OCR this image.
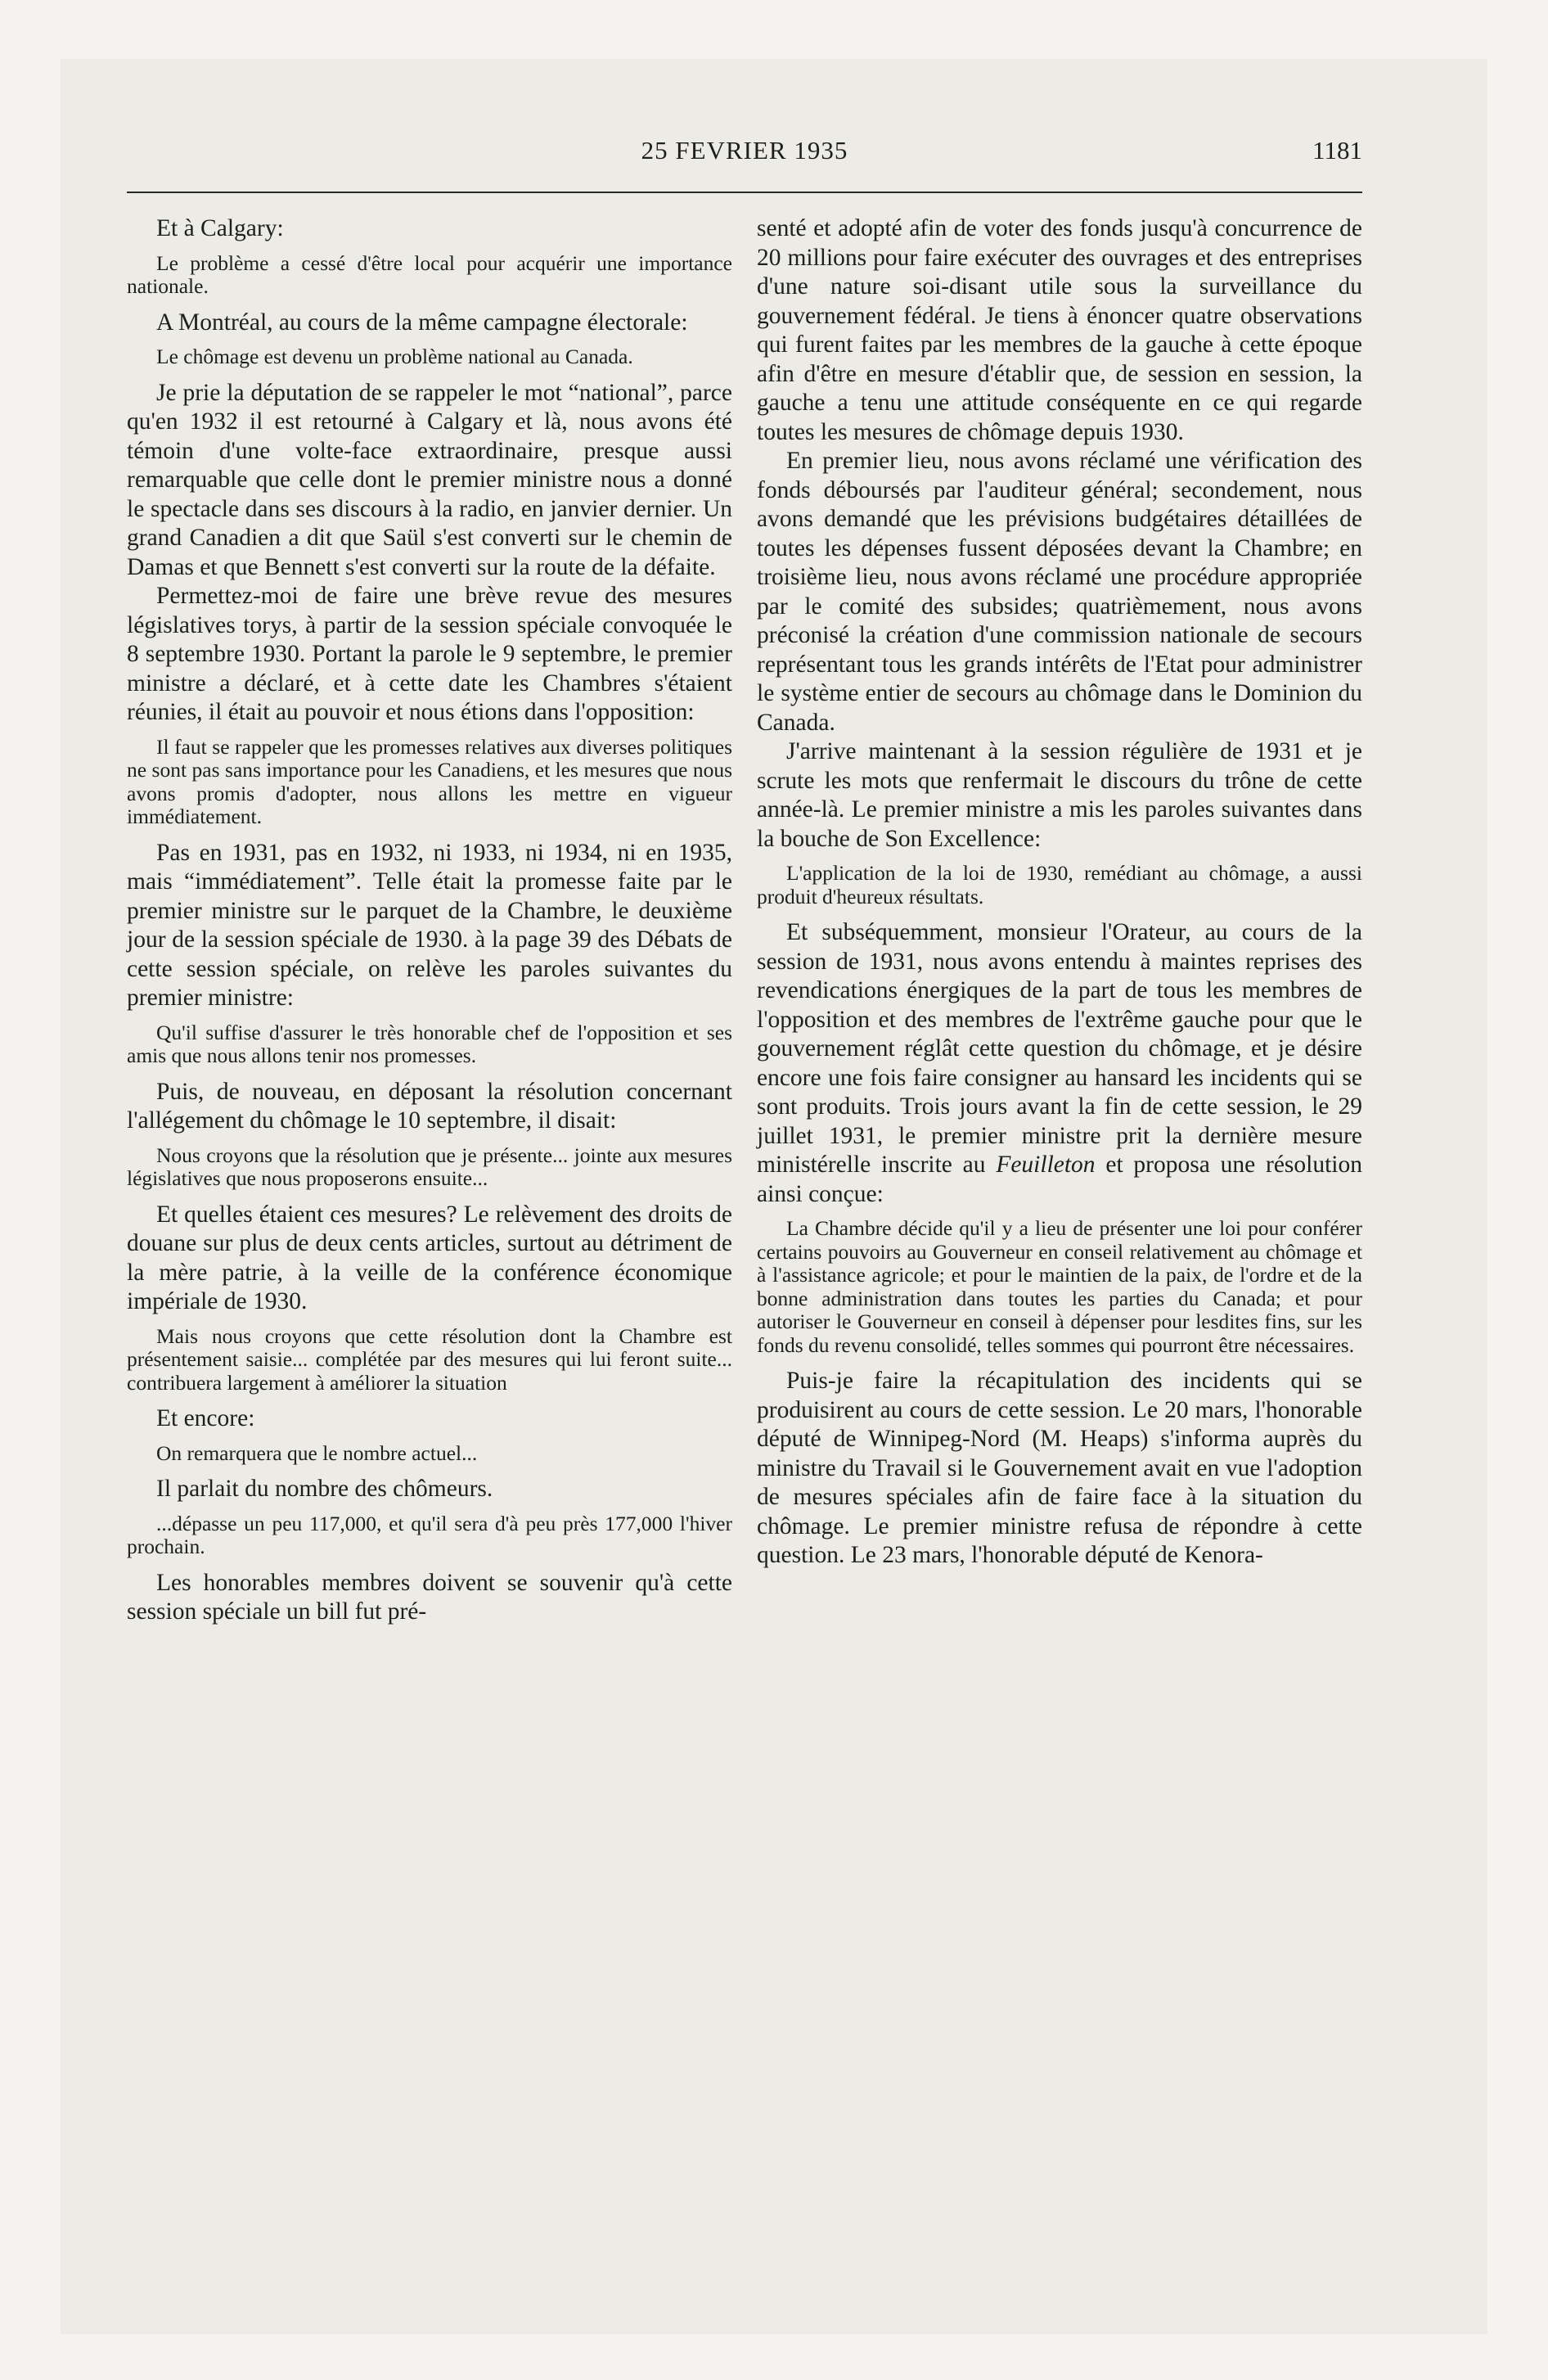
25 FEVRIER 1935	1181

Et à Calgary:

Le problème a cessé d'être local pour acquérir une importance nationale.

A Montréal, au cours de la même campagne électorale:

Le chômage est devenu un problème national au Canada.

Je prie la députation de se rappeler le mot “national”, parce qu'en 1932 il est retourné à Calgary et là, nous avons été témoin d'une volte-face extraordinaire, presque aussi remarquable que celle dont le premier ministre nous a donné le spectacle dans ses discours à la radio, en janvier dernier. Un grand Canadien a dit que Saül s'est converti sur le chemin de Damas et que Bennett s'est converti sur la route de la défaite.

Permettez-moi de faire une brève revue des mesures législatives torys, à partir de la session spéciale convoquée le 8 septembre 1930. Portant la parole le 9 septembre, le premier ministre a déclaré, et à cette date les Chambres s'étaient réunies, il était au pouvoir et nous étions dans l'opposition:

Il faut se rappeler que les promesses relatives aux diverses politiques ne sont pas sans importance pour les Canadiens, et les mesures que nous avons promis d'adopter, nous allons les mettre en vigueur immédiatement.

Pas en 1931, pas en 1932, ni 1933, ni 1934, ni en 1935, mais “immédiatement”. Telle était la promesse faite par le premier ministre sur le parquet de la Chambre, le deuxième jour de la session spéciale de 1930. à la page 39 des Débats de cette session spéciale, on relève les paroles suivantes du premier ministre:

Qu'il suffise d'assurer le très honorable chef de l'opposition et ses amis que nous allons tenir nos promesses.

Puis, de nouveau, en déposant la résolution concernant l'allégement du chômage le 10 septembre, il disait:

Nous croyons que la résolution que je présente... jointe aux mesures législatives que nous proposerons ensuite...

Et quelles étaient ces mesures? Le relèvement des droits de douane sur plus de deux cents articles, surtout au détriment de la mère patrie, à la veille de la conférence économique impériale de 1930.

Mais nous croyons que cette résolution dont la Chambre est présentement saisie... complétée par des mesures qui lui feront suite... contribuera largement à améliorer la situation

Et encore:

On remarquera que le nombre actuel...

Il parlait du nombre des chômeurs.

...dépasse un peu 117,000, et qu'il sera d'à peu près 177,000 l'hiver prochain.

Les honorables membres doivent se souvenir qu'à cette session spéciale un bill fut pré-

senté et adopté afin de voter des fonds jusqu'à concurrence de 20 millions pour faire exécuter des ouvrages et des entreprises d'une nature soi-disant utile sous la surveillance du gouvernement fédéral. Je tiens à énoncer quatre observations qui furent faites par les membres de la gauche à cette époque afin d'être en mesure d'établir que, de session en session, la gauche a tenu une attitude conséquente en ce qui regarde toutes les mesures de chômage depuis 1930.

En premier lieu, nous avons réclamé une vérification des fonds déboursés par l'auditeur général; secondement, nous avons demandé que les prévisions budgétaires détaillées de toutes les dépenses fussent déposées devant la Chambre; en troisième lieu, nous avons réclamé une procédure appropriée par le comité des subsides; quatrièmement, nous avons préconisé la création d'une commission nationale de secours représentant tous les grands intérêts de l'Etat pour administrer le système entier de secours au chômage dans le Dominion du Canada.

J'arrive maintenant à la session régulière de 1931 et je scrute les mots que renfermait le discours du trône de cette année-là. Le premier ministre a mis les paroles suivantes dans la bouche de Son Excellence:

L'application de la loi de 1930, remédiant au chômage, a aussi produit d'heureux résultats.

Et subséquemment, monsieur l'Orateur, au cours de la session de 1931, nous avons entendu à maintes reprises des revendications énergiques de la part de tous les membres de l'opposition et des membres de l'extrême gauche pour que le gouvernement réglât cette question du chômage, et je désire encore une fois faire consigner au hansard les incidents qui se sont produits. Trois jours avant la fin de cette session, le 29 juillet 1931, le premier ministre prit la dernière mesure ministérelle inscrite au Feuilleton et proposa une résolution ainsi conçue:

La Chambre décide qu'il y a lieu de présenter une loi pour conférer certains pouvoirs au Gouverneur en conseil relativement au chômage et à l'assistance agricole; et pour le maintien de la paix, de l'ordre et de la bonne administration dans toutes les parties du Canada; et pour autoriser le Gouverneur en conseil à dépenser pour lesdites fins, sur les fonds du revenu consolidé, telles sommes qui pourront être nécessaires.

Puis-je faire la récapitulation des incidents qui se produisirent au cours de cette session. Le 20 mars, l'honorable député de Winnipeg-Nord (M. Heaps) s'informa auprès du ministre du Travail si le Gouvernement avait en vue l'adoption de mesures spéciales afin de faire face à la situation du chômage. Le premier ministre refusa de répondre à cette question. Le 23 mars, l'honorable député de Kenora-
